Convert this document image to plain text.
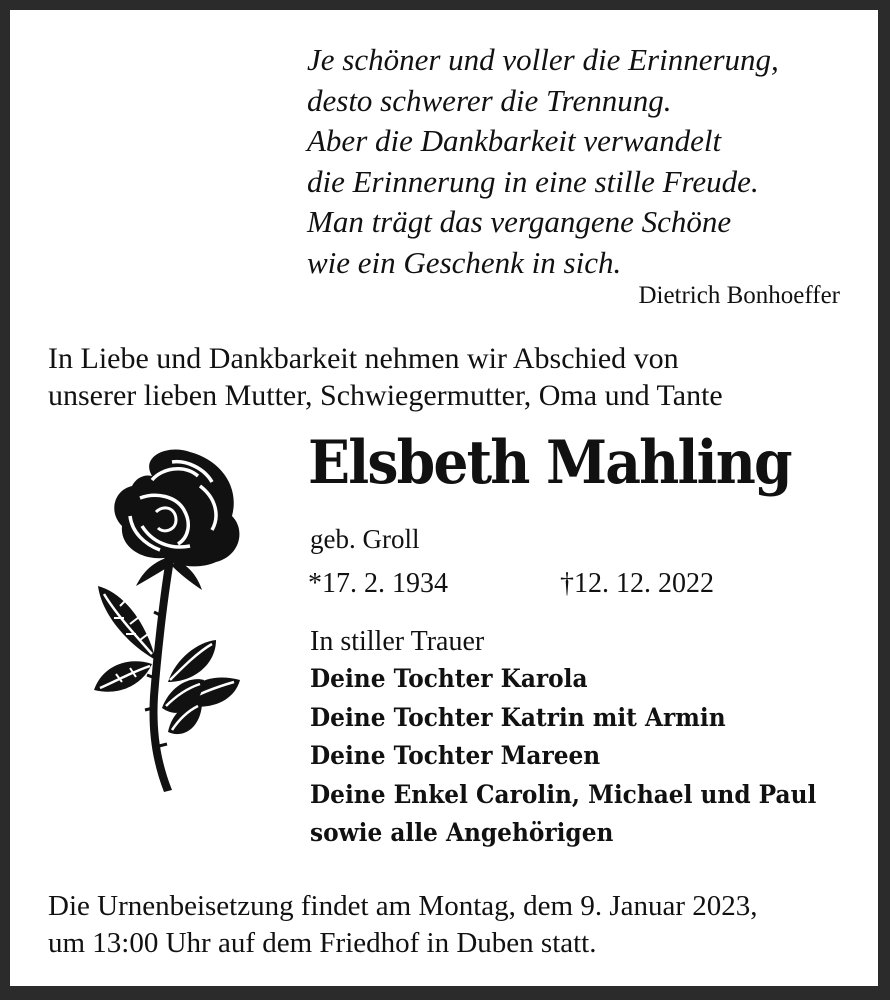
Je schöner und voller die Erinnerung,
desto schwerer die Trennung.
Aber die Dankbarkeit verwandelt
die Erinnerung in eine stille Freude.
Man trägt das vergangene Schöne
wie ein Geschenk in sich.
Dietrich Bonhoeffer
In Liebe und Dankbarkeit nehmen wir Abschied von
unserer lieben Mutter, Schwiegermutter, Oma und Tante
Elsbeth Mahling
geb. Groll
*17. 2. 1934	†12. 12. 2022
In stiller Trauer
Deine Tochter Karola
Deine Tochter Katrin mit Armin
Deine Tochter Mareen
Deine Enkel Carolin, Michael und Paul
sowie alle Angehörigen
Die Urnenbeisetzung findet am Montag, dem 9. Januar 2023,
um 13:00 Uhr auf dem Friedhof in Duben statt.
